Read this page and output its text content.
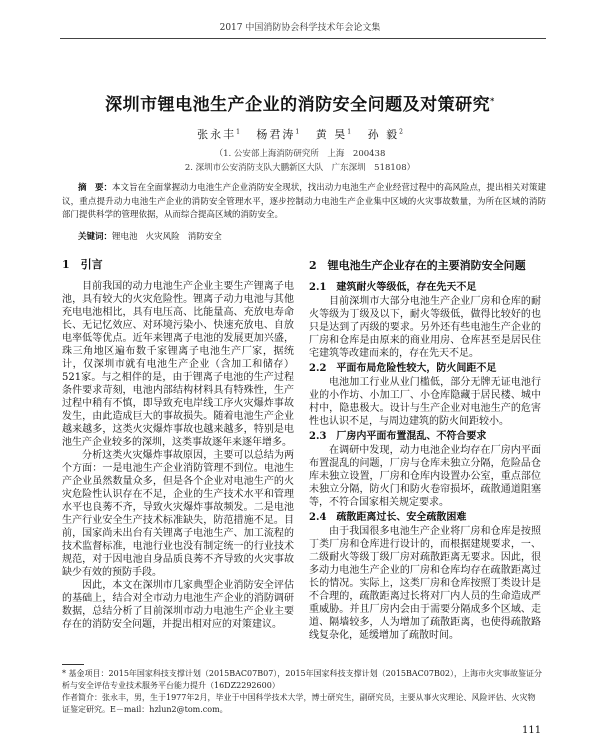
2017 中国消防协会科学技术年会论文集
深圳市锂电池生产企业的消防安全问题及对策研究*
张永丰$^1$ 杨君涛$^1$ 黄 昊$^1$ 孙 毅$^2$
（1. 公安部上海消防研究所　上海　200438
2. 深圳市公安消防支队大鹏新区大队　广东深圳　518108）
摘　要：本文旨在全面掌握动力电池生产企业消防安全现状，找出动力电池生产企业经营过程中的高风险点，提出相关对策建议，重点提升动力电池生产企业的消防安全管理水平，逐步控制动力电池生产企业集中区域的火灾事故数量，为所在区域的消防部门提供科学的管理依据，从而综合提高区域的消防安全。
关键词：锂电池 火灾风险 消防安全
1　引言

目前我国的动力电池生产企业主要生产锂离子电池，具有较大的火灾危险性。锂离子动力电池与其他充电电池相比，具有电压高、比能量高、充放电寿命长、无记忆效应、对环境污染小、快速充放电、自放电率低等优点。近年来锂离子电池的发展更加兴盛，珠三角地区遍布数千家锂离子电池生产厂家，据统计，仅深圳市就有电池生产企业（含加工和储存）521家。与之相伴的是，由于锂离子电池的生产过程条件要求苛刻，电池内部结构材料具有特殊性，生产过程中稍有不慎，即导致充电岸线工序火灾爆炸事故发生，由此造成巨大的事故损失。随着电池生产企业越来越多，这类火灾爆炸事故也越来越多，特别是电池生产企业较多的深圳，这类事故逐年来逐年增多。

分析这类火灾爆炸事故原因，主要可以总结为两个方面：一是电池生产企业消防管理不到位。电池生产企业虽然数量众多，但是各个企业对电池生产的火灾危险性认识存在不足，企业的生产技术水平和管理水平也良莠不齐，导致火灾爆炸事故频发。二是电池生产行业安全生产技术标准缺失，防范措施不足。目前，国家尚未出台有关锂离子电池生产、加工流程的技术监督标准，电池行业也没有制定统一的行业技术规范，对于因电池自身品质良莠不齐导致的火灾事故缺少有效的预防手段。

因此，本文在深圳市几家典型企业消防安全评估的基础上，结合对全市动力电池生产企业的消防调研数据，总结分析了目前深圳市动力电池生产企业主要存在的消防安全问题，并提出相对应的对策建议。

2　锂电池生产企业存在的主要消防安全问题
2.1　建筑耐火等级低，存在先天不足

目前深圳市大部分电池生产企业厂房和仓库的耐火等级为丁级及以下，耐火等级低，做得比较好的也只是达到了丙级的要求。另外还有些电池生产企业的厂房和仓库是由原来的商业用房、仓库甚至是居民住宅建筑等改建而来的，存在先天不足。

2.2　平面布局危险性较大，防火间距不足

电池加工行业从业门槛低，部分无牌无证电池行业的小作坊、小加工厂、小仓库隐藏于居民楼、城中村中，隐患极大。设计与生产企业对电池生产的危害性也认识不足，与周边建筑的防火间距较小。

2.3　厂房内平面布置混乱、不符合要求

在调研中发现，动力电池企业均存在厂房内平面布置混乱的问题，厂房与仓库未独立分隔，危险品仓库未独立设置，厂房和仓库内设置办公室，重点部位未独立分隔，防火门和防火卷帘损坏，疏散通道阻塞等，不符合国家相关规定要求。

2.4　疏散距离过长、安全疏散困难

由于我国很多电池生产企业将厂房和仓库是按照丁类厂房和仓库进行设计的，而根据建规要求，一、二级耐火等级丁级厂房对疏散距离无要求。因此，很多动力电池生产企业的厂房和仓库均存在疏散距离过长的情况。实际上，这类厂房和仓库按照丁类设计是不合理的，疏散距离过长将对厂内人员的生命造成严重威胁。并且厂房内会由于需要分隔成多个区域、走道、隔墙较多，人为增加了疏散距离，也使得疏散路线复杂化，延缓增加了疏散时间。

* 基金项目：2015年国家科技支撑计划（2015BAC07B07），2015年国家科技支撑计划（2015BAC07B02），上海市火灾事故鉴证分析与安全评估专业技术服务平台能力提升（16DZ2292600）
作者简介：张永丰，男，生于1977年2月，毕业于中国科学技术大学，博士研究生，副研究员，主要从事火灾理论、风险评估、火灾物证鉴定研究。E－mail：hzlun2@tom.com。
111
